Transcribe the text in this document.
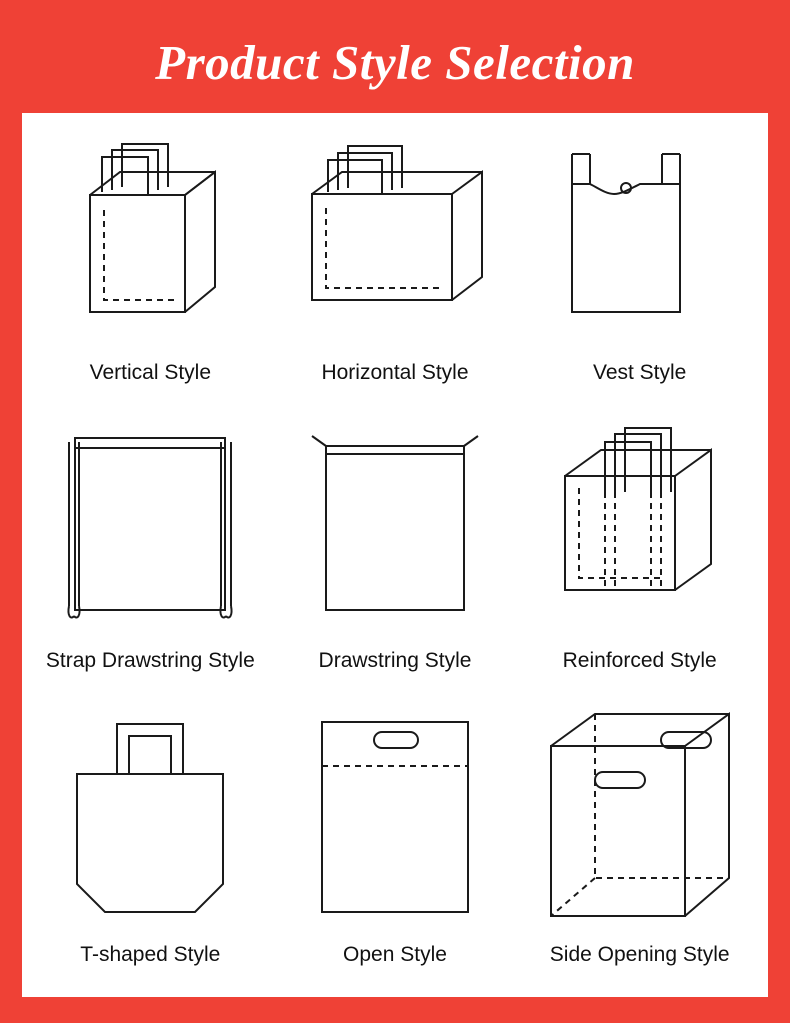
Product Style Selection
Vertical Style	Horizontal Style	Vest Style
Strap Drawstring Style	Drawstring Style	Reinforced Style
T-shaped Style	Open Style	Side Opening Style
